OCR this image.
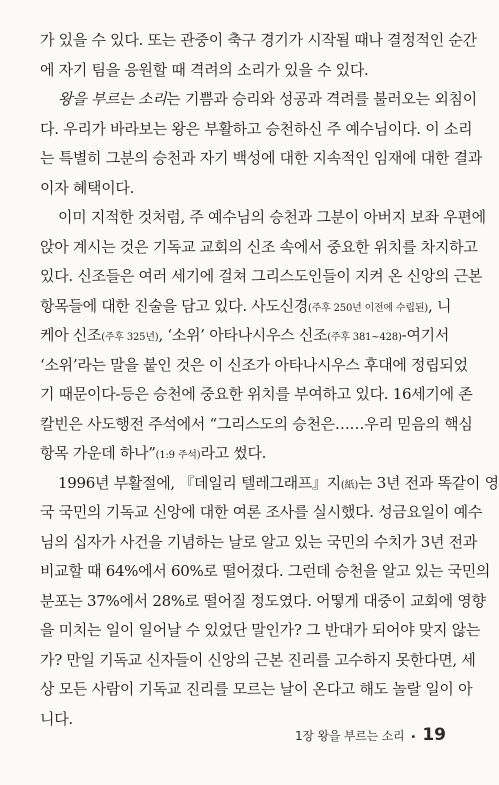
가 있을 수 있다. 또는 관중이 축구 경기가 시작될 때나 결정적인 순간
에 자기 팀을 응원할 때 격려의 소리가 있을 수 있다.
왕을 부르는 소리는 기쁨과 승리와 성공과 격려를 불러오는 외침이
다. 우리가 바라보는 왕은 부활하고 승천하신 주 예수님이다. 이 소리
는 특별히 그분의 승천과 자기 백성에 대한 지속적인 임재에 대한 결과
이자 혜택이다.
이미 지적한 것처럼, 주 예수님의 승천과 그분이 아버지 보좌 우편에
앉아 계시는 것은 기독교 교회의 신조 속에서 중요한 위치를 차지하고
있다. 신조들은 여러 세기에 걸쳐 그리스도인들이 지켜 온 신앙의 근본
항목들에 대한 진술을 담고 있다. 사도신경(주후 250년 이전에 수립된), 니
케아 신조(주후 325년), ‘소위’ 아타나시우스 신조(주후 381~428)-여기서
‘소위’라는 말을 붙인 것은 이 신조가 아타나시우스 후대에 정립되었
기 때문이다-등은 승천에 중요한 위치를 부여하고 있다. 16세기에 존
칼빈은 사도행전 주석에서 “그리스도의 승천은……우리 믿음의 핵심
항목 가운데 하나”(1:9 주석)라고 썼다.
1996년 부활절에, 『데일리 텔레그래프』지(紙)는 3년 전과 똑같이 영
국 국민의 기독교 신앙에 대한 여론 조사를 실시했다. 성금요일이 예수
님의 십자가 사건을 기념하는 날로 알고 있는 국민의 수치가 3년 전과
비교할 때 64%에서 60%로 떨어졌다. 그런데 승천을 알고 있는 국민의
분포는 37%에서 28%로 떨어질 정도였다. 어떻게 대중이 교회에 영향
을 미치는 일이 일어날 수 있었단 말인가? 그 반대가 되어야 맞지 않는
가? 만일 기독교 신자들이 신앙의 근본 진리를 고수하지 못한다면, 세
상 모든 사람이 기독교 진리를 모르는 날이 온다고 해도 놀랄 일이 아
니다.
1장 왕을 부르는 소리 • 19
